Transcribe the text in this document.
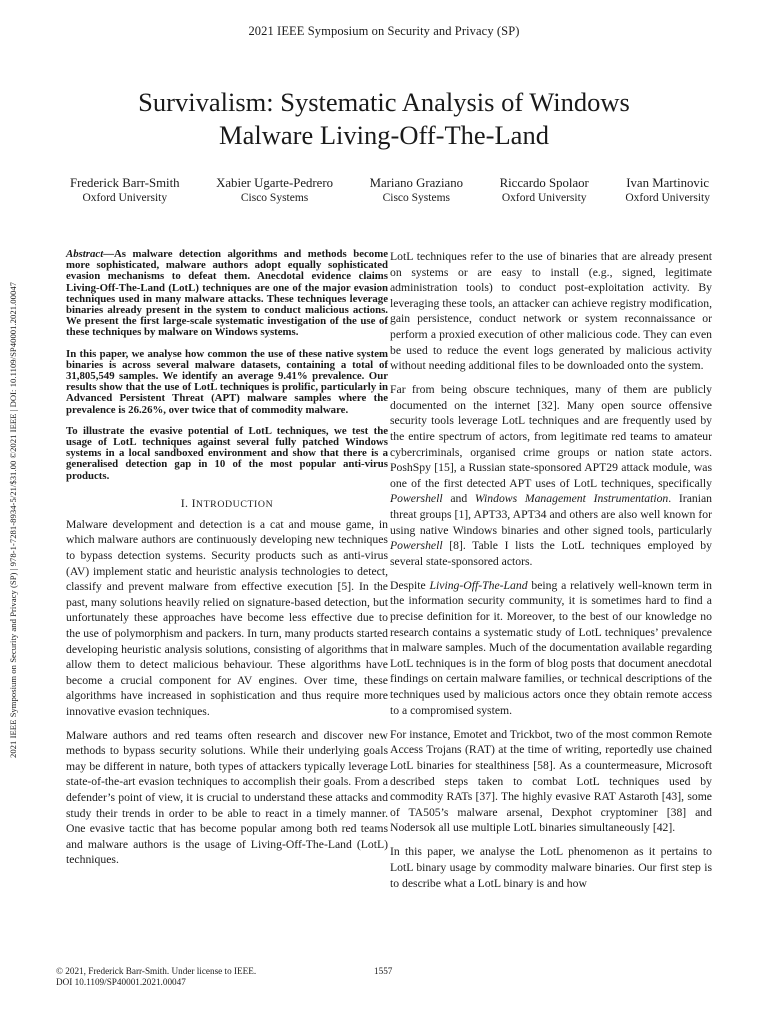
2021 IEEE Symposium on Security and Privacy (SP)
Survivalism: Systematic Analysis of Windows
Malware Living-Off-The-Land
Frederick Barr-Smith
Oxford University
Xabier Ugarte-Pedrero
Cisco Systems
Mariano Graziano
Cisco Systems
Riccardo Spolaor
Oxford University
Ivan Martinovic
Oxford University
2021 IEEE Symposium on Security and Privacy (SP) | 978-1-7281-8934-5/21/$31.00 ©2021 IEEE | DOI: 10.1109/SP40001.2021.00047

Abstract—As malware detection algorithms and methods become more sophisticated, malware authors adopt equally sophisticated evasion mechanisms to defeat them. Anecdotal evidence claims Living-Off-The-Land (LotL) techniques are one of the major evasion techniques used in many malware attacks. These techniques leverage binaries already present in the system to conduct malicious actions. We present the first large-scale systematic investigation of the use of these techniques by malware on Windows systems.

In this paper, we analyse how common the use of these native system binaries is across several malware datasets, containing a total of 31,805,549 samples. We identify an average 9.41% prevalence. Our results show that the use of LotL techniques is prolific, particularly in Advanced Persistent Threat (APT) malware samples where the prevalence is 26.26%, over twice that of commodity malware.

To illustrate the evasive potential of LotL techniques, we test the usage of LotL techniques against several fully patched Windows systems in a local sandboxed environment and show that there is a generalised detection gap in 10 of the most popular anti-virus products.

I. INTRODUCTION

Malware development and detection is a cat and mouse game, in which malware authors are continuously developing new techniques to bypass detection systems. Security products such as anti-virus (AV) implement static and heuristic analysis technologies to detect, classify and prevent malware from effective execution [5]. In the past, many solutions heavily relied on signature-based detection, but unfortunately these approaches have become less effective due to the use of polymorphism and packers. In turn, many products started developing heuristic analysis solutions, consisting of algorithms that allow them to detect malicious behaviour. These algorithms have become a crucial component for AV engines. Over time, these algorithms have increased in sophistication and thus require more innovative evasion techniques.

Malware authors and red teams often research and discover new methods to bypass security solutions. While their underlying goals may be different in nature, both types of attackers typically leverage state-of-the-art evasion techniques to accomplish their goals. From a defender’s point of view, it is crucial to understand these attacks and study their trends in order to be able to react in a timely manner. One evasive tactic that has become popular among both red teams and malware authors is the usage of Living-Off-The-Land (LotL) techniques.

LotL techniques refer to the use of binaries that are already present on systems or are easy to install (e.g., signed, legitimate administration tools) to conduct post-exploitation activity. By leveraging these tools, an attacker can achieve registry modification, gain persistence, conduct network or system reconnaissance or perform a proxied execution of other malicious code. They can even be used to reduce the event logs generated by malicious activity without needing additional files to be downloaded onto the system.

Far from being obscure techniques, many of them are publicly documented on the internet [32]. Many open source offensive security tools leverage LotL techniques and are frequently used by the entire spectrum of actors, from legitimate red teams to amateur cybercriminals, organised crime groups or nation state actors. PoshSpy [15], a Russian state-sponsored APT29 attack module, was one of the first detected APT uses of LotL techniques, specifically Powershell and Windows Management Instrumentation. Iranian threat groups [1], APT33, APT34 and others are also well known for using native Windows binaries and other signed tools, particularly Powershell [8]. Table I lists the LotL techniques employed by several state-sponsored actors.

Despite Living-Off-The-Land being a relatively well-known term in the information security community, it is sometimes hard to find a precise definition for it. Moreover, to the best of our knowledge no research contains a systematic study of LotL techniques’ prevalence in malware samples. Much of the documentation available regarding LotL techniques is in the form of blog posts that document anecdotal findings on certain malware families, or technical descriptions of the techniques used by malicious actors once they obtain remote access to a compromised system.

For instance, Emotet and Trickbot, two of the most common Remote Access Trojans (RAT) at the time of writing, reportedly use chained LotL binaries for stealthiness [58]. As a countermeasure, Microsoft described steps taken to combat LotL techniques used by commodity RATs [37]. The highly evasive RAT Astaroth [43], some of TA505’s malware arsenal, Dexphot cryptominer [38] and Nodersok all use multiple LotL binaries simultaneously [42].

In this paper, we analyse the LotL phenomenon as it pertains to LotL binary usage by commodity malware binaries. Our first step is to describe what a LotL binary is and how

© 2021, Frederick Barr-Smith. Under license to IEEE.
DOI 10.1109/SP40001.2021.00047
1557
